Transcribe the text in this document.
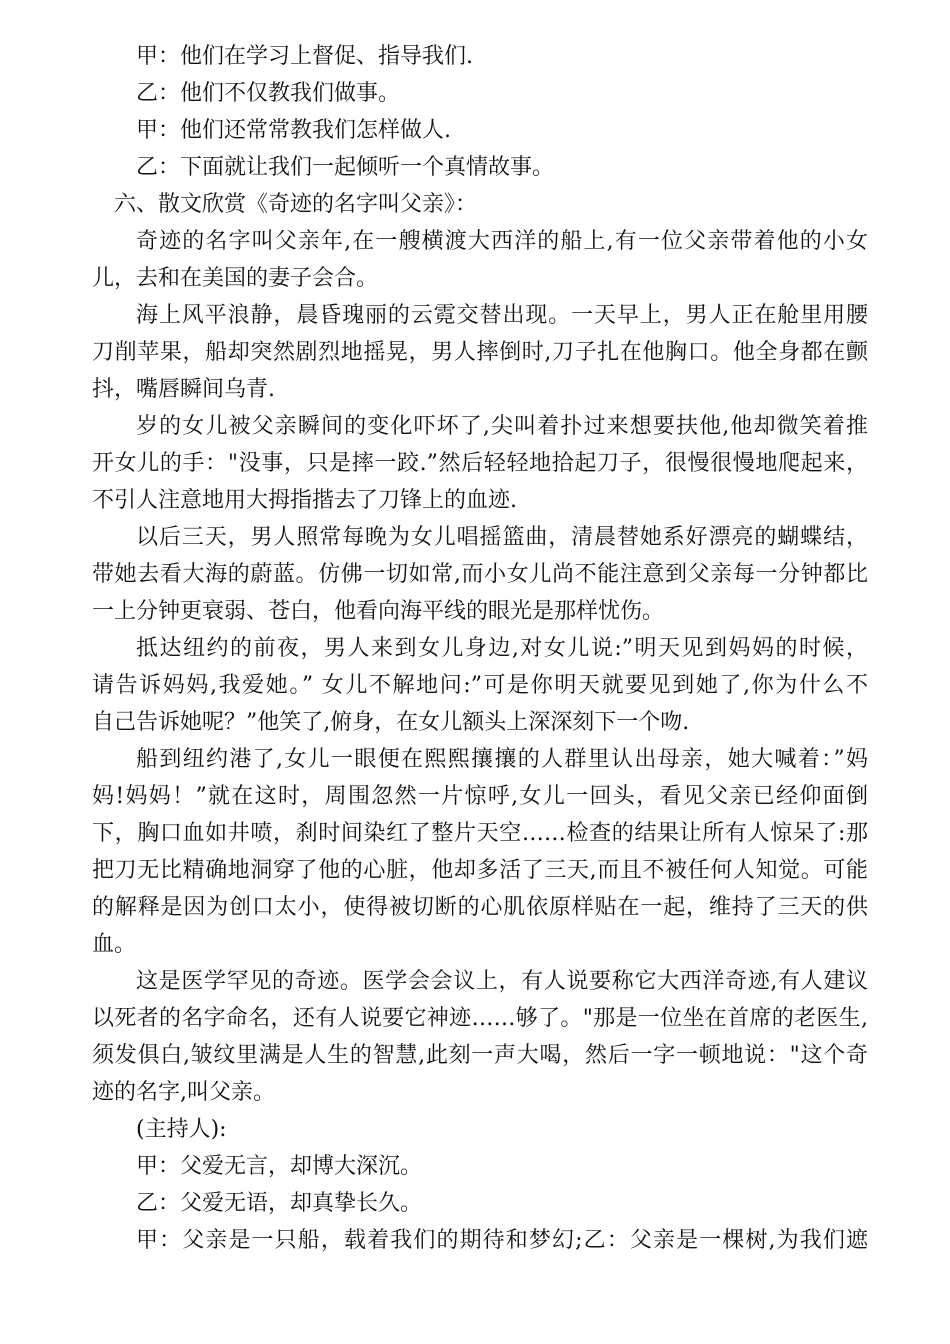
甲：他们在学习上督促、指导我们.
乙：他们不仅教我们做事。
甲：他们还常常教我们怎样做人.
乙：下面就让我们一起倾听一个真情故事。
六、散文欣赏《奇迹的名字叫父亲》：
奇迹的名字叫父亲年,在一艘横渡大西洋的船上,有一位父亲带着他的小女
儿，去和在美国的妻子会合。
海上风平浪静，晨昏瑰丽的云霓交替出现。一天早上，男人正在舱里用腰
刀削苹果，船却突然剧烈地摇晃，男人摔倒时,刀子扎在他胸口。他全身都在颤
抖，嘴唇瞬间乌青.
岁的女儿被父亲瞬间的变化吓坏了,尖叫着扑过来想要扶他,他却微笑着推
开女儿的手："没事，只是摔一跤.”然后轻轻地拾起刀子，很慢很慢地爬起来，
不引人注意地用大拇指揩去了刀锋上的血迹.
以后三天，男人照常每晚为女儿唱摇篮曲，清晨替她系好漂亮的蝴蝶结，
带她去看大海的蔚蓝。仿佛一切如常,而小女儿尚不能注意到父亲每一分钟都比
一上分钟更衰弱、苍白，他看向海平线的眼光是那样忧伤。
抵达纽约的前夜，男人来到女儿身边,对女儿说:”明天见到妈妈的时候，
请告诉妈妈,我爱她。” 女儿不解地问:”可是你明天就要见到她了,你为什么不
自己告诉她呢？”他笑了,俯身，在女儿额头上深深刻下一个吻.
船到纽约港了,女儿一眼便在熙熙攘攘的人群里认出母亲，她大喊着：”妈
妈!妈妈！”就在这时，周围忽然一片惊呼,女儿一回头，看见父亲已经仰面倒
下，胸口血如井喷，刹时间染红了整片天空……检查的结果让所有人惊呆了:那
把刀无比精确地洞穿了他的心脏，他却多活了三天,而且不被任何人知觉。可能
的解释是因为创口太小，使得被切断的心肌依原样贴在一起，维持了三天的供
血。
这是医学罕见的奇迹。医学会会议上，有人说要称它大西洋奇迹,有人建议
以死者的名字命名，还有人说要它神迹……够了。"那是一位坐在首席的老医生,
须发俱白,皱纹里满是人生的智慧,此刻一声大喝，然后一字一顿地说："这个奇
迹的名字,叫父亲。
(主持人):
甲：父爱无言，却博大深沉。
乙：父爱无语，却真挚长久。
甲：父亲是一只船，载着我们的期待和梦幻;乙：父亲是一棵树,为我们遮
